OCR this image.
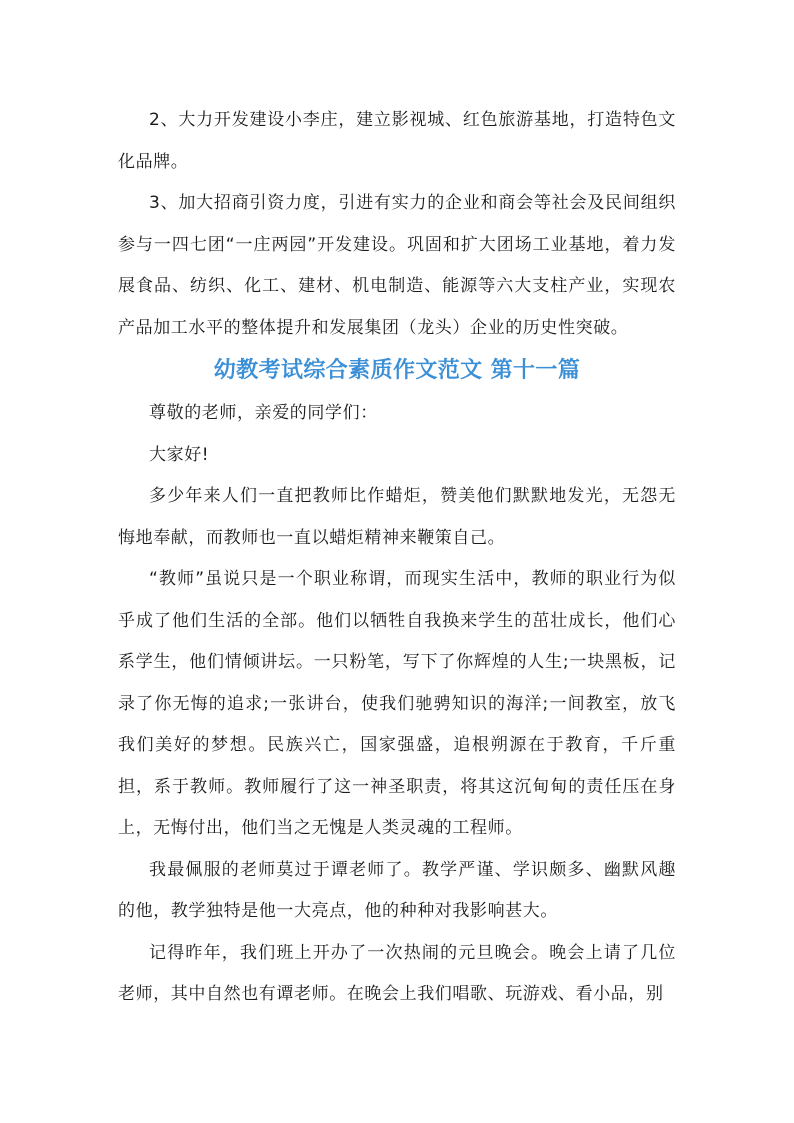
2、大力开发建设小李庄，建立影视城、红色旅游基地，打造特色文化品牌。

3、加大招商引资力度，引进有实力的企业和商会等社会及民间组织参与一四七团“一庄两园”开发建设。巩固和扩大团场工业基地，着力发展食品、纺织、化工、建材、机电制造、能源等六大支柱产业，实现农产品加工水平的整体提升和发展集团（龙头）企业的历史性突破。

幼教考试综合素质作文范文 第十一篇

尊敬的老师，亲爱的同学们：

大家好!

多少年来人们一直把教师比作蜡炬，赞美他们默默地发光，无怨无悔地奉献，而教师也一直以蜡炬精神来鞭策自己。

“教师”虽说只是一个职业称谓，而现实生活中，教师的职业行为似乎成了他们生活的全部。他们以牺牲自我换来学生的茁壮成长，他们心系学生，他们情倾讲坛。一只粉笔，写下了你辉煌的人生;一块黑板，记录了你无悔的追求;一张讲台，使我们驰骋知识的海洋;一间教室，放飞我们美好的梦想。民族兴亡，国家强盛，追根朔源在于教育，千斤重担，系于教师。教师履行了这一神圣职责，将其这沉甸甸的责任压在身上，无悔付出，他们当之无愧是人类灵魂的工程师。

我最佩服的老师莫过于谭老师了。教学严谨、学识颇多、幽默风趣的他，教学独特是他一大亮点，他的种种对我影响甚大。

记得昨年，我们班上开办了一次热闹的元旦晚会。晚会上请了几位老师，其中自然也有谭老师。在晚会上我们唱歌、玩游戏、看小品，别
